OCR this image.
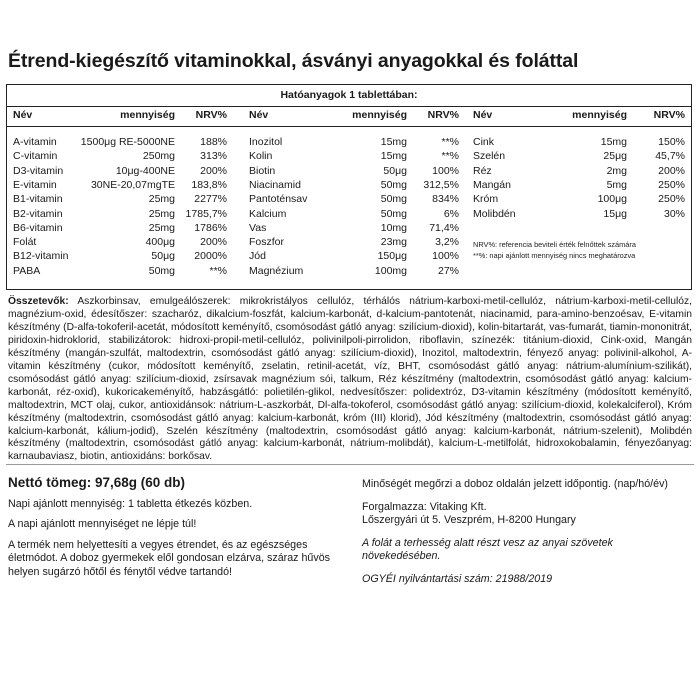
Étrend-kiegészítő vitaminokkal, ásványi anyagokkal és foláttal
Hatóanyagok 1 tablettában:
Név	mennyiség	NRV% Név	mennyiség	NRV% Név	mennyiség	NRV%
A-vitamin	1500μg RE-5000NE	188%
C-vitamin	250mg	313%
D3-vitamin	10μg-400NE	200%
E-vitamin	30NE-20,07mgTE	183,8%
B1-vitamin	25mg	2277%
B2-vitamin	25mg	1785,7%
B6-vitamin	25mg	1786%
Folát	400μg	200%
B12-vitamin	50μg	2000%
PABA	50mg	**%
Inozitol	15mg	**%
Kolin	15mg	**%
Biotin	50μg	100%
Niacinamid	50mg	312,5%
Pantoténsav	50mg	834%
Kalcium	50mg	6%
Vas	10mg	71,4%
Foszfor	23mg	3,2%
Jód	150μg	100%
Magnézium	100mg	27%
Cink	15mg	150%
Szelén	25μg	45,7%
Réz	2mg	200%
Mangán	5mg	250%
Króm	100μg	250%
Molibdén	15μg	30%
NRV%: referencia beviteli érték felnőttek számára
**%: napi ajánlott mennyiség nincs meghatározva
Összetevők: Aszkorbinsav, emulgeálószerek: mikrokristályos cellulóz, térhálós nátrium-karboxi-metil-cellulóz, nátrium-karboxi-metil-cellulóz, magnézium-oxid, édesítőszer: szacharóz, dikalcium-foszfát, kalcium-karbonát, d-kalcium-pantotenát, niacinamid, para-amino-benzoésav, E-vitamin készítmény (D-alfa-tokoferil-acetát, módosított keményítő, csomósodást gátló anyag: szilícium-dioxid), kolin-bitartarát, vas-fumarát, tiamin-mononitrát, piridoxin-hidroklorid, stabilizátorok: hidroxi-propil-metil-cellulóz, polivinilpoli-pirrolidon, riboflavin, színezék: titánium-dioxid, Cink-oxid, Mangán készítmény (mangán-szulfát, maltodextrin, csomósodást gátló anyag: szilícium-dioxid), Inozitol, maltodextrin, fényező anyag: polivinil-alkohol, A-vitamin készítmény (cukor, módosított keményítő, zselatin, retinil-acetát, víz, BHT, csomósodást gátló anyag: nátrium-alumínium-szilikát), csomósodást gátló anyag: szilícium-dioxid, zsírsavak magnézium sói, talkum, Réz készítmény (maltodextrin, csomósodást gátló anyag: kalcium-karbonát, réz-oxid), kukoricakeményítő, habzásgátló: polietilén-glikol, nedvesítőszer: polidextróz, D3-vitamin készítmény (módosított keményítő, maltodextrin, MCT olaj, cukor, antioxidánsok: nátrium-L-aszkorbát, Dl-alfa-tokoferol, csomósodást gátló anyag: szilícium-dioxid, kolekalciferol), Króm készítmény (maltodextrin, csomósodást gátló anyag: kalcium-karbonát, króm (III) klorid), Jód készítmény (maltodextrin, csomósodást gátló anyag: kalcium-karbonát, kálium-jodid), Szelén készítmény (maltodextrin, csomósodást gátló anyag: kalcium-karbonát, nátrium-szelenit), Molibdén készítmény (maltodextrin, csomósodást gátló anyag: kalcium-karbonát, nátrium-molibdát), kalcium-L-metilfolát, hidroxokobalamin, fényezőanyag: karnaubaviasz, biotin, antioxidáns: borkősav.
Nettó tömeg: 97,68g (60 db)

Napi ajánlott mennyiség: 1 tabletta étkezés közben.

A napi ajánlott mennyiséget ne lépje túl!

A termék nem helyettesíti a vegyes étrendet, és az egészséges életmódot. A doboz gyermekek elől gondosan elzárva, száraz hűvös helyen sugárzó hőtől és fénytől védve tartandó!

Minőségét megőrzi a doboz oldalán jelzett időpontig. (nap/hó/év)

Forgalmazza: Vitaking Kft.

Lőszergyári út 5. Veszprém, H-8200 Hungary

A folát a terhesség alatt részt vesz az anyai szövetek növekedésében.

OGYÉI nyilvántartási szám: 21988/2019
